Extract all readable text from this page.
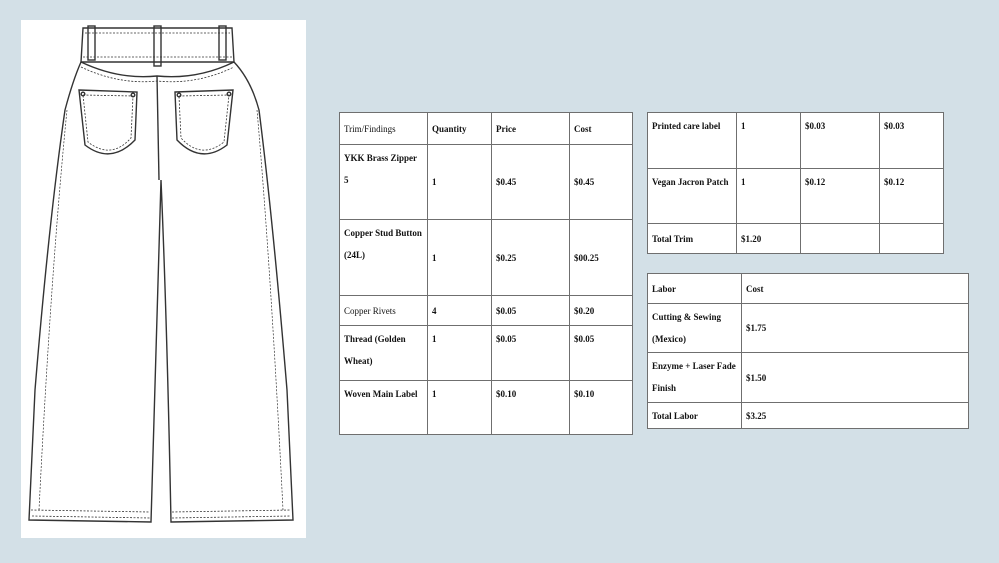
Trim/Findings	Quantity	Price	Cost
YKK Brass Zipper 5	1	$0.45	$0.45
Copper Stud Button (24L)	1	$0.25	$00.25
Copper Rivets	4	$0.05	$0.20
Thread (Golden Wheat)	1	$0.05	$0.05
Woven Main Label	1	$0.10	$0.10
Printed care label	1	$0.03	$0.03
Vegan Jacron Patch	1	$0.12	$0.12
Total Trim	$1.20		
Labor	Cost
Cutting & Sewing (Mexico)	$1.75
Enzyme + Laser Fade Finish	$1.50
Total Labor	$3.25
